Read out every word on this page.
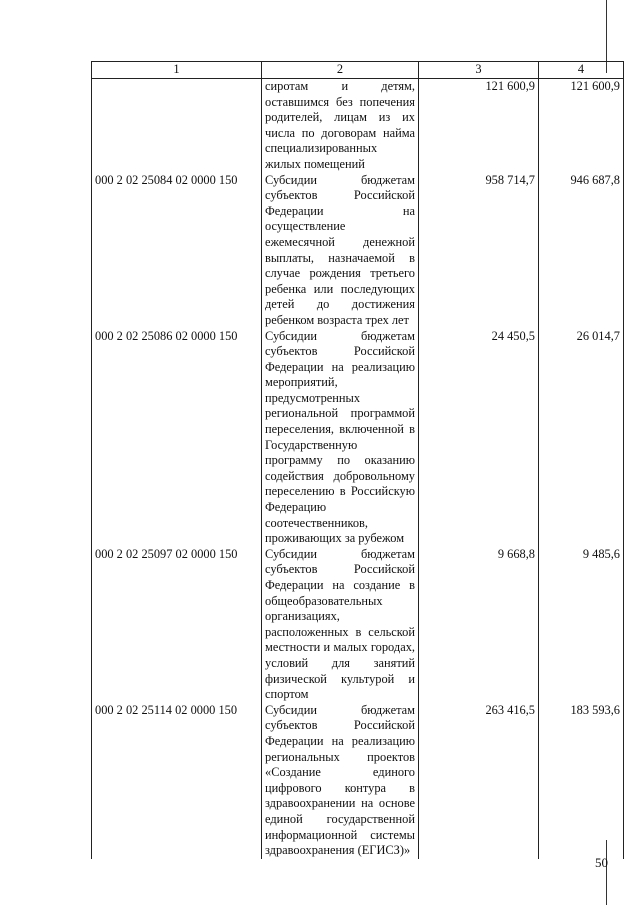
1	2	3	4
	сиротам и детям, оставшимся без попечения родителей, лицам из их числа по договорам найма специализированных жилых помещений	121 600,9	121 600,9
000 2 02 25084 02 0000 150	Субсидии бюджетам субъектов Российской Федерации на осуществление ежемесячной денежной выплаты, назначаемой в случае рождения третьего ребенка или последующих детей до достижения ребенком возраста трех лет	958 714,7	946 687,8
000 2 02 25086 02 0000 150	Субсидии бюджетам субъектов Российской Федерации на реализацию мероприятий, предусмотренных региональной программой переселения, включенной в Государственную программу по оказанию содействия добровольному переселению в Российскую Федерацию соотечественников, проживающих за рубежом	24 450,5	26 014,7
000 2 02 25097 02 0000 150	Субсидии бюджетам субъектов Российской Федерации на создание в общеобразовательных организациях, расположенных в сельской местности и малых городах, условий для занятий физической культурой и спортом	9 668,8	9 485,6
000 2 02 25114 02 0000 150	Субсидии бюджетам субъектов Российской Федерации на реализацию региональных проектов «Создание единого цифрового контура в здравоохранении на основе единой государственной информационной системы здравоохранения (ЕГИСЗ)»	263 416,5	183 593,6
50
